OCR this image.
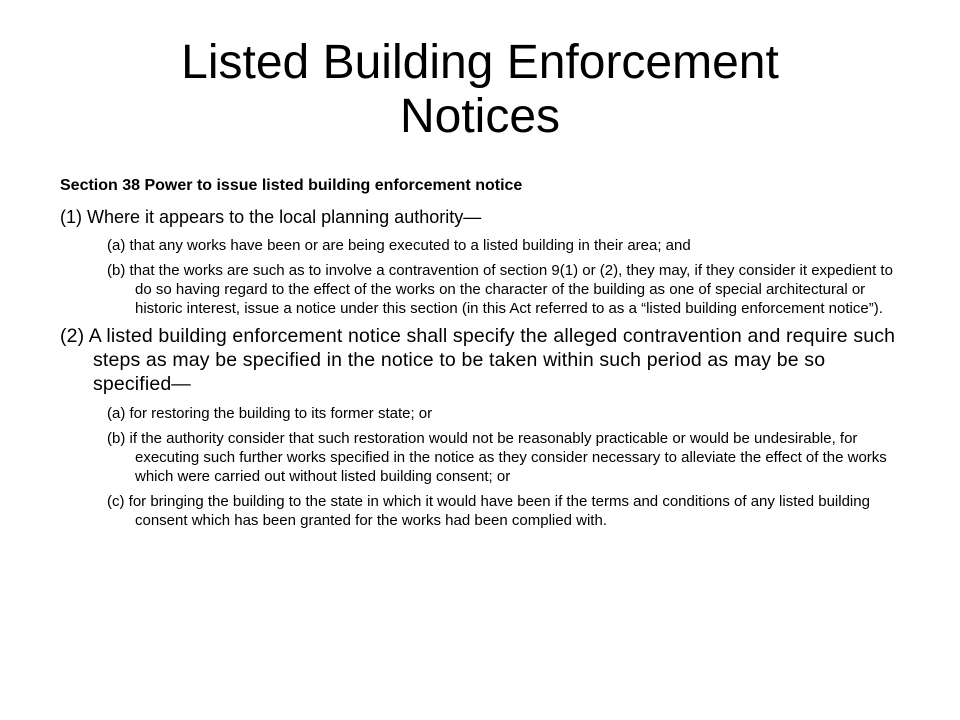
Listed Building Enforcement
Notices

Section 38 Power to issue listed building enforcement notice

(1) Where it appears to the local planning authority—

(a) that any works have been or are being executed to a listed building in their area; and

(b) that the works are such as to involve a contravention of section 9(1) or (2), they may, if they consider it expedient to do so having regard to the effect of the works on the character of the building as one of special architectural or historic interest, issue a notice under this section (in this Act referred to as a “listed building enforcement notice”).

(2) A listed building enforcement notice shall specify the alleged contravention and require such steps as may be specified in the notice to be taken within such period as may be so specified—

(a) for restoring the building to its former state; or

(b) if the authority consider that such restoration would not be reasonably practicable or would be undesirable, for executing such further works specified in the notice as they consider necessary to alleviate the effect of the works which were carried out without listed building consent; or

(c) for bringing the building to the state in which it would have been if the terms and conditions of any listed building consent which has been granted for the works had been complied with.
